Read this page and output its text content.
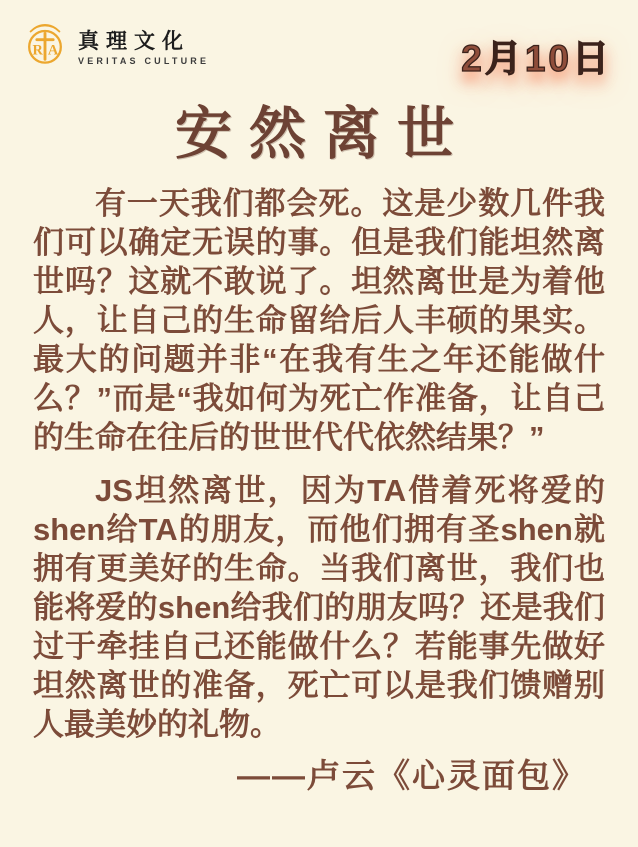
R A 真理文化
VERITAS CULTURE	2月10日
安然离世

有一天我们都会死。这是少数几件我们可以确定无误的事。但是我们能坦然离世吗？这就不敢说了。坦然离世是为着他人，让自己的生命留给后人丰硕的果实。最大的问题并非“在我有生之年还能做什么？”而是“我如何为死亡作准备，让自己的生命在往后的世世代代依然结果？”

JS坦然离世，因为TA借着死将爱的shen给TA的朋友，而他们拥有圣shen就拥有更美好的生命。当我们离世，我们也能将爱的shen给我们的朋友吗？还是我们过于牵挂自己还能做什么？若能事先做好坦然离世的准备，死亡可以是我们馈赠别人最美妙的礼物。

——卢云《心灵面包》
